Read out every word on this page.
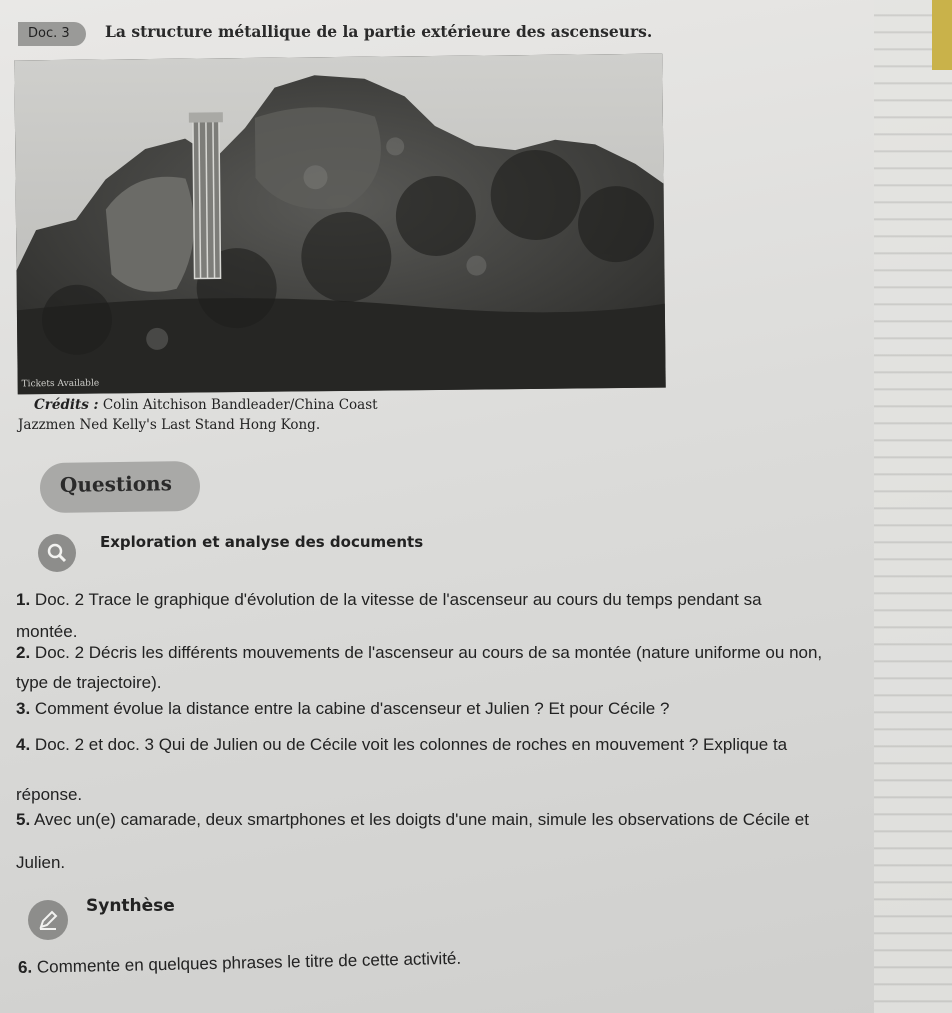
Doc. 3	La structure métallique de la partie extérieure des ascenseurs.
Tickets Available
Crédits : Colin Aitchison Bandleader/China Coast
Jazzmen Ned Kelly's Last Stand Hong Kong.
Questions
Exploration et analyse des documents
1. Doc. 2 Trace le graphique d'évolution de la vitesse de l'ascenseur au cours du temps pendant sa
montée.
2. Doc. 2 Décris les différents mouvements de l'ascenseur au cours de sa montée (nature uniforme ou non,
type de trajectoire).
3. Comment évolue la distance entre la cabine d'ascenseur et Julien ? Et pour Cécile ?
4. Doc. 2 et doc. 3 Qui de Julien ou de Cécile voit les colonnes de roches en mouvement ? Explique ta
réponse.
5. Avec un(e) camarade, deux smartphones et les doigts d'une main, simule les observations de Cécile et
Julien.
Synthèse
6. Commente en quelques phrases le titre de cette activité.
